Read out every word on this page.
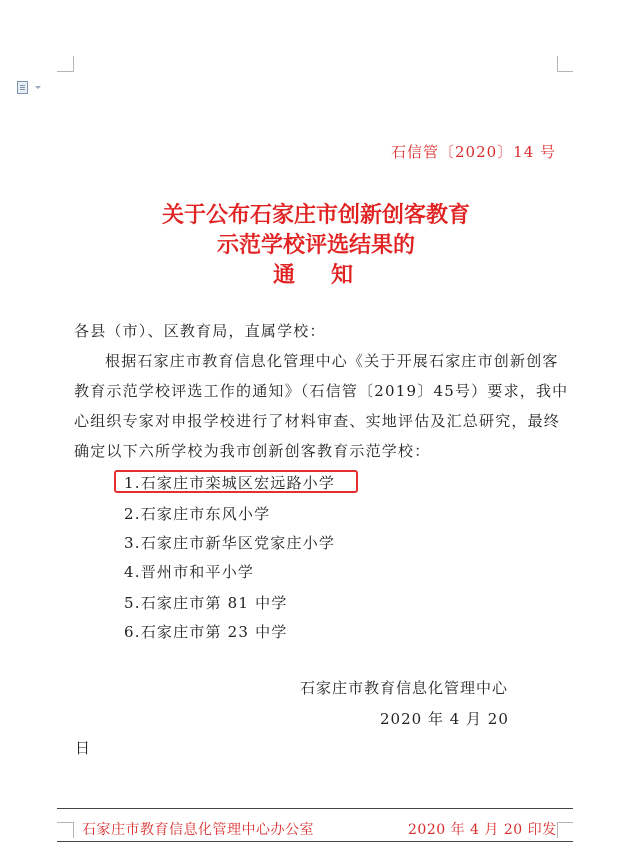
石信管〔2020〕14 号
关于公布石家庄市创新创客教育
示范学校评选结果的
通知
各县（市）、区教育局，直属学校：
根据石家庄市教育信息化管理中心《关于开展石家庄市创新创客教育示范学校评选工作的通知》（石信管〔2019〕45号）要求，我中心组织专家对申报学校进行了材料审查、实地评估及汇总研究，最终确定以下六所学校为我市创新创客教育示范学校：
1.石家庄市栾城区宏远路小学
2.石家庄市东风小学
3.石家庄市新华区党家庄小学
4.晋州市和平小学
5.石家庄市第 81 中学
6.石家庄市第 23 中学
石家庄市教育信息化管理中心
2020 年 4 月 20
日
石家庄市教育信息化管理中心办公室	2020 年 4 月 20 印发
